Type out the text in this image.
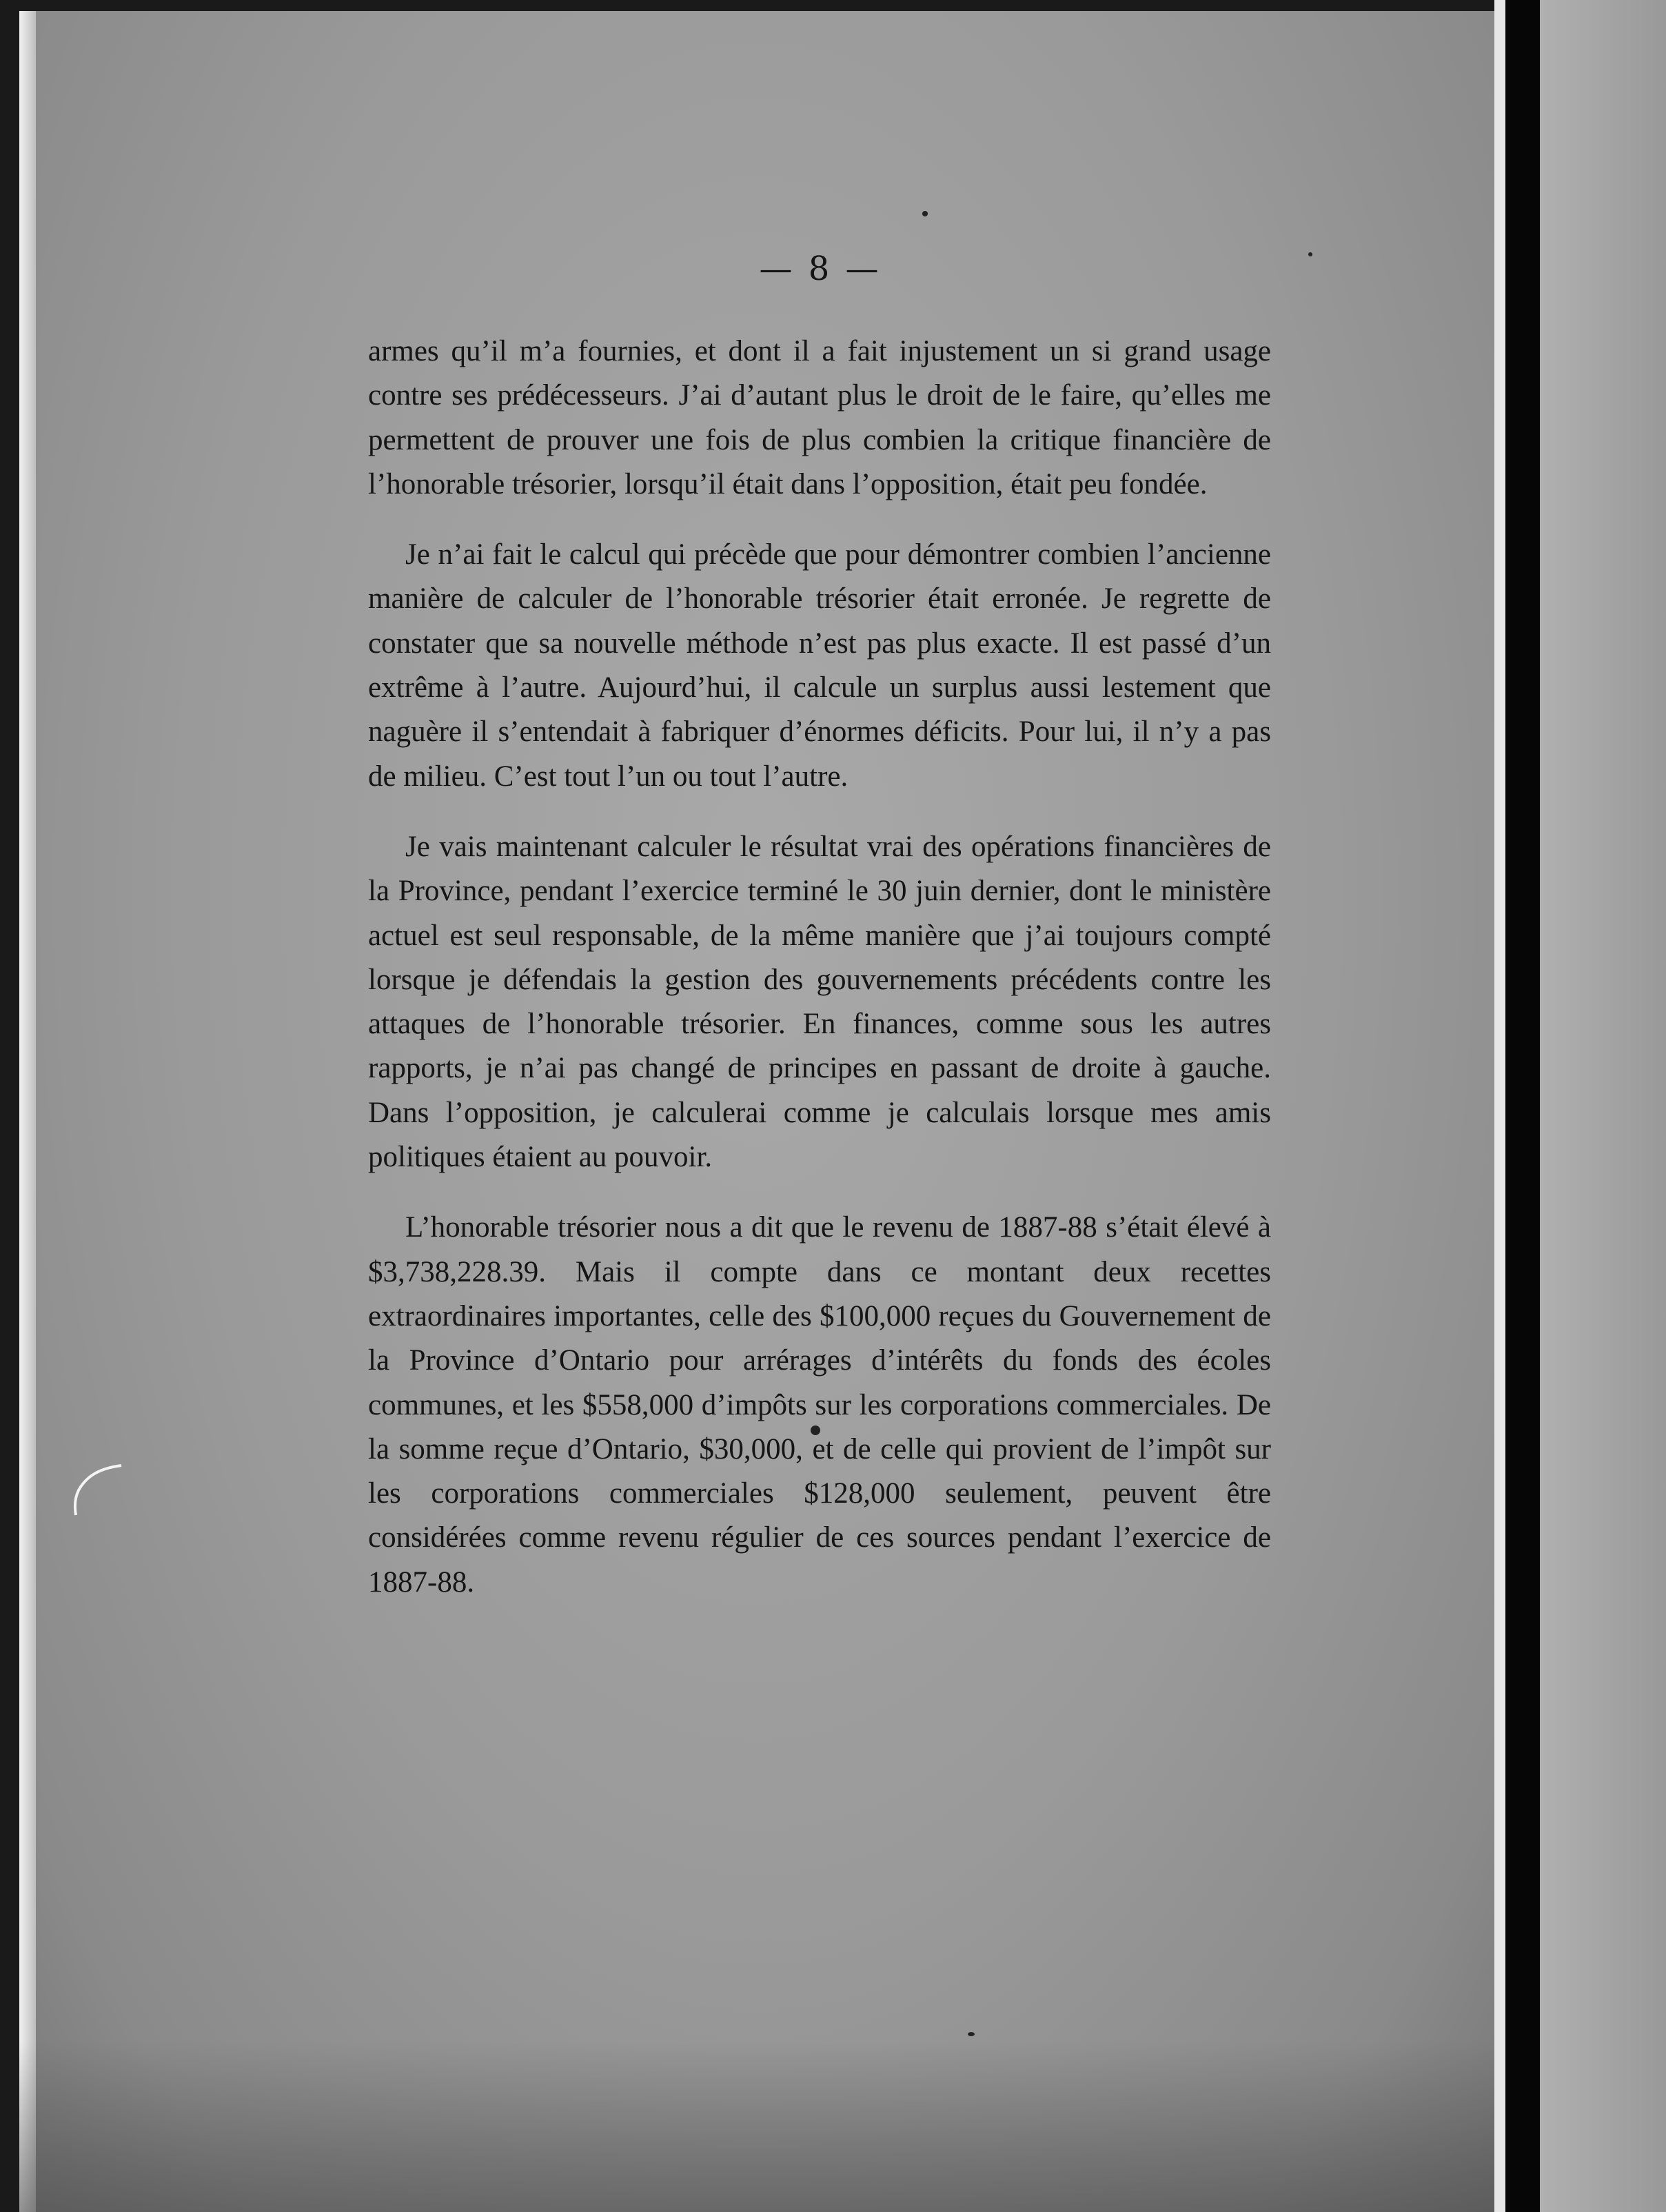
— 8 —

armes qu’il m’a fournies, et dont il a fait injustement un si grand usage contre ses prédécesseurs. J’ai d’autant plus le droit de le faire, qu’elles me permettent de prouver une fois de plus combien la critique financière de l’honorable trésorier, lorsqu’il était dans l’opposition, était peu fondée.

Je n’ai fait le calcul qui précède que pour démontrer combien l’ancienne manière de calculer de l’honorable trésorier était erronée. Je regrette de constater que sa nouvelle méthode n’est pas plus exacte. Il est passé d’un extrême à l’autre. Aujourd’hui, il calcule un surplus aussi lestement que naguère il s’entendait à fabriquer d’énormes déficits. Pour lui, il n’y a pas de milieu. C’est tout l’un ou tout l’autre.

Je vais maintenant calculer le résultat vrai des opérations financières de la Province, pendant l’exercice terminé le 30 juin dernier, dont le ministère actuel est seul responsable, de la même manière que j’ai toujours compté lorsque je défendais la gestion des gouvernements précédents contre les attaques de l’honorable trésorier. En finances, comme sous les autres rapports, je n’ai pas changé de principes en passant de droite à gauche. Dans l’opposition, je calculerai comme je calculais lorsque mes amis politiques étaient au pouvoir.

L’honorable trésorier nous a dit que le revenu de 1887-88 s’était élevé à $3,738,228.39. Mais il compte dans ce montant deux recettes extraordinaires importantes, celle des $100,000 reçues du Gouvernement de la Province d’Ontario pour arrérages d’intérêts du fonds des écoles communes, et les $558,000 d’impôts sur les corporations commerciales. De la somme reçue d’Ontario, $30,000, et de celle qui provient de l’impôt sur les corporations commerciales $128,000 seulement, peuvent être considérées comme revenu régulier de ces sources pendant l’exercice de 1887-88.
